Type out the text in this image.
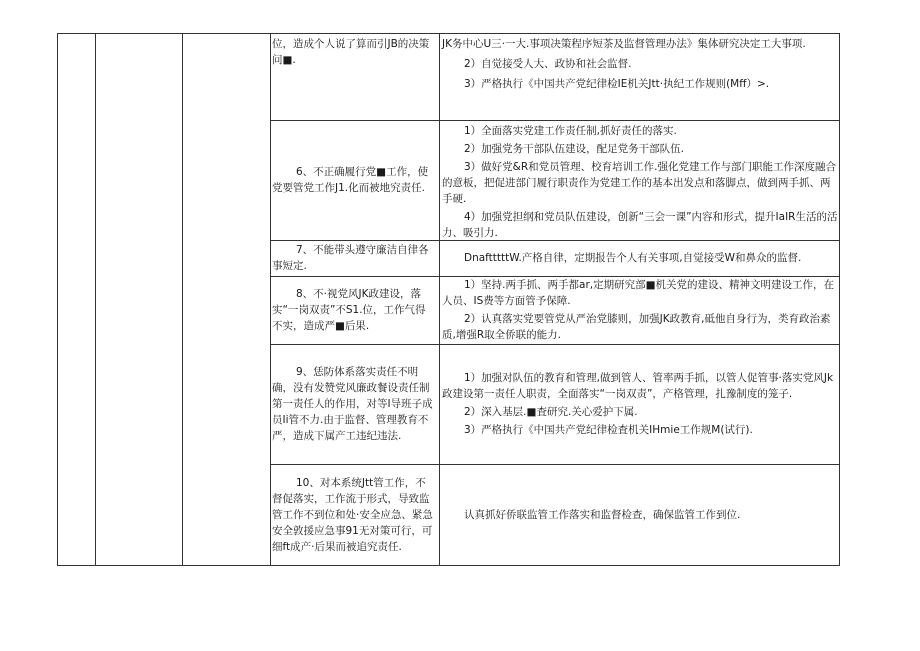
位，造成个人说了算而引JB的决策问■.

JK务中心U三·一大.事项决策程序短茶及监督管理办法》集体研究决定工大事项.

2）自觉接受人大、政协和社会监督.

3）严格执行《中国共产党纪律检IE机关Jtt·执纪工作规则(Mff）>.

6、不正确履行党■工作，使党要管党工作J1.化而被地究责任.

1）全面落实党建工作责任制,抓好责任的落实.

2）加强党务干部队伍建设，配足党务干部队伍.

3）做好党&R和党员管理、校育培训工作.强化党建工作与部门职能工作深度融合的意板，把促进部门履行职责作为党建工作的基本出发点和落脚点，做到两手抓、两手硬.

4）加强党担纲和党员队伍建设，创新“三会一课”内容和形式，提升IaIR生活的活力、吸引力.

7、不能带头遵守廉洁自律各事短定.

DnaftttttW.产格自律，定期报告个人有关事项,自觉接受W和鼻众的监督.

8、不·视党风JK政建设，落实“一岗双责”不S1.位，工作气得不实，造成严■后果.

1）坚持.两手抓、两手都ar,定期研究部■机关党的建设、精神文明建设工作，在人员、IS费等方面管予保障.

2）认真落实党要管党从严治党膝则，加强JK政教育,砥他自身行为，类育政治素质,增强R取全侨联的能力.

9、恁防体系落实责任不明确，没有发赞党风廉政餐设责任制第一责任人的作用，对等I导班子成员Ii管不力.由于监督、管理教育不严，造成下属产工违纪违法.

1）加强对队伍的教育和管理,做到管人、管率两手抓，以管人促管事·落实党风Jk政建设第一责任人职责，全面落实“一岗双责”，产格管理，扎豫制度的笼子.

2）深入基层.■査研究.关心爱护下属.

3）严格执行《中国共产党纪律检査机关IHmie工作规M(试行).

10、对本系统Jtt管工作，不督促落实，工作流于形式，导致监管工作不到位和处·安全应急、紧急安全敦援应急事91无对策可行，可细ft成产·后果而被追究责任.

认真抓好侨联监管工作落实和监督检查，确保监管工作到位.
